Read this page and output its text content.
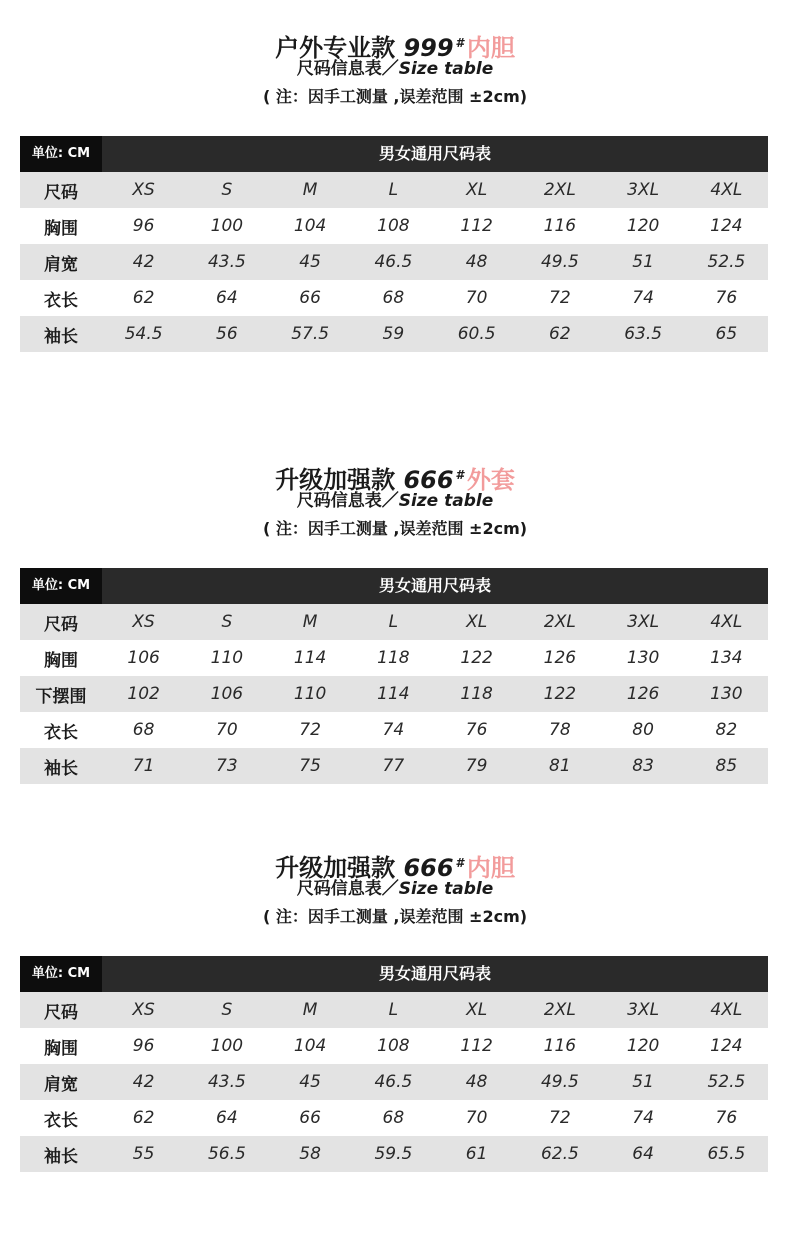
户外专业款 999 # 内胆
尺码信息表／Size table
( 注：因手工测量 ,误差范围 ±2cm)
单位: CM	男女通用尺码表
尺码	XS	S	M	L	XL	2XL	3XL	4XL
胸围	96	100	104	108	112	116	120	124
肩宽	42	43.5	45	46.5	48	49.5	51	52.5
衣长	62	64	66	68	70	72	74	76
袖长	54.5	56	57.5	59	60.5	62	63.5	65
升级加强款 666 # 外套
尺码信息表／Size table
( 注：因手工测量 ,误差范围 ±2cm)
单位: CM	男女通用尺码表
尺码	XS	S	M	L	XL	2XL	3XL	4XL
胸围	106	110	114	118	122	126	130	134
下摆围	102	106	110	114	118	122	126	130
衣长	68	70	72	74	76	78	80	82
袖长	71	73	75	77	79	81	83	85
升级加强款 666 # 内胆
尺码信息表／Size table
( 注：因手工测量 ,误差范围 ±2cm)
单位: CM	男女通用尺码表
尺码	XS	S	M	L	XL	2XL	3XL	4XL
胸围	96	100	104	108	112	116	120	124
肩宽	42	43.5	45	46.5	48	49.5	51	52.5
衣长	62	64	66	68	70	72	74	76
袖长	55	56.5	58	59.5	61	62.5	64	65.5
